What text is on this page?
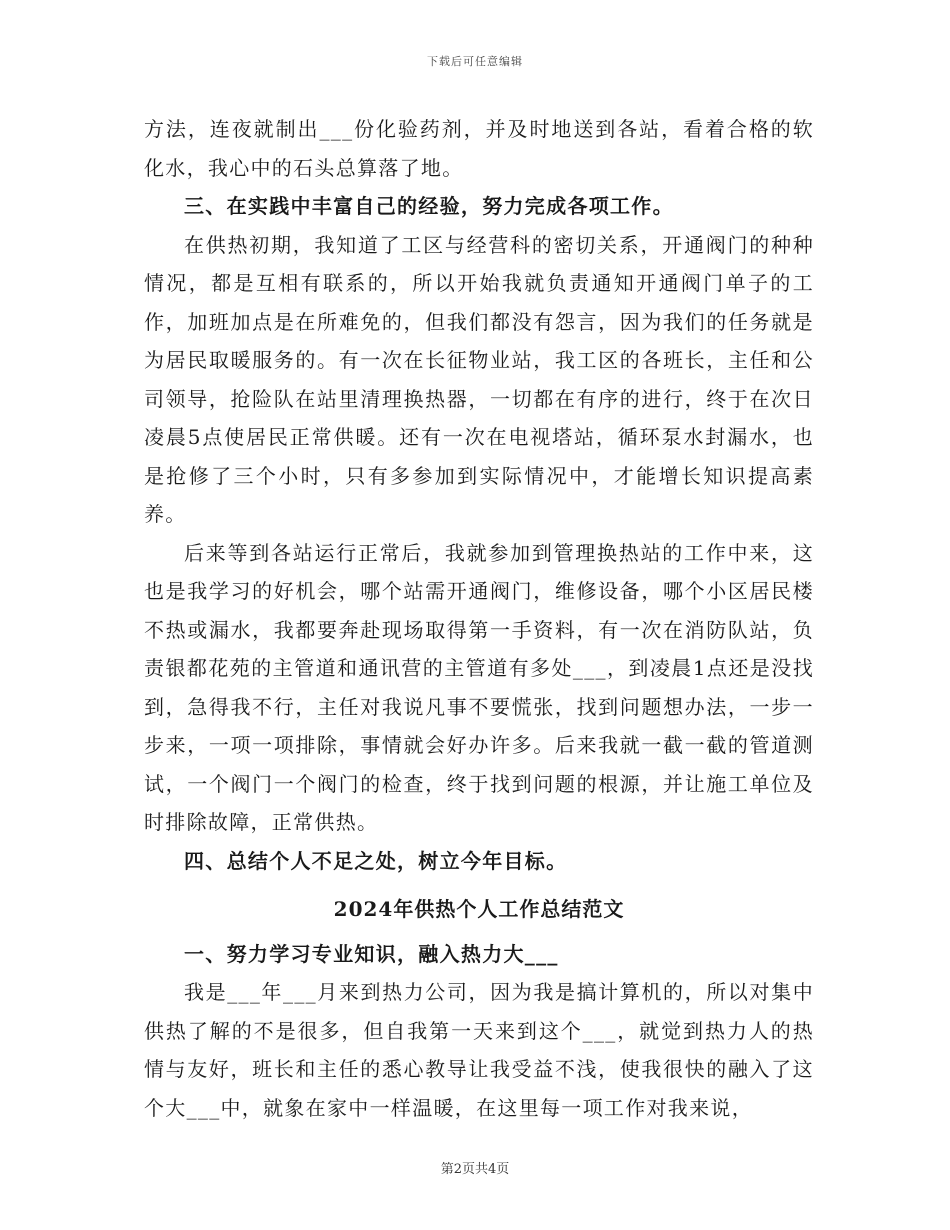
下载后可任意编辑

方法，连夜就制出___份化验药剂，并及时地送到各站，看着合格的软化水，我心中的石头总算落了地。

三、在实践中丰富自己的经验，努力完成各项工作。

在供热初期，我知道了工区与经营科的密切关系，开通阀门的种种情况，都是互相有联系的，所以开始我就负责通知开通阀门单子的工作，加班加点是在所难免的，但我们都没有怨言，因为我们的任务就是为居民取暖服务的。有一次在长征物业站，我工区的各班长，主任和公司领导，抢险队在站里清理换热器，一切都在有序的进行，终于在次日凌晨5点使居民正常供暖。还有一次在电视塔站，循环泵水封漏水，也是抢修了三个小时，只有多参加到实际情况中，才能增长知识提高素养。

后来等到各站运行正常后，我就参加到管理换热站的工作中来，这也是我学习的好机会，哪个站需开通阀门，维修设备，哪个小区居民楼不热或漏水，我都要奔赴现场取得第一手资料，有一次在消防队站，负责银都花苑的主管道和通讯营的主管道有多处___，到凌晨1点还是没找到，急得我不行，主任对我说凡事不要慌张，找到问题想办法，一步一步来，一项一项排除，事情就会好办许多。后来我就一截一截的管道测试，一个阀门一个阀门的检查，终于找到问题的根源，并让施工单位及时排除故障，正常供热。

四、总结个人不足之处，树立今年目标。

2024年供热个人工作总结范文

一、努力学习专业知识，融入热力大___

我是___年___月来到热力公司，因为我是搞计算机的，所以对集中供热了解的不是很多，但自我第一天来到这个___，就觉到热力人的热情与友好，班长和主任的悉心教导让我受益不浅，使我很快的融入了这个大___中，就象在家中一样温暖，在这里每一项工作对我来说，

第2页共4页
